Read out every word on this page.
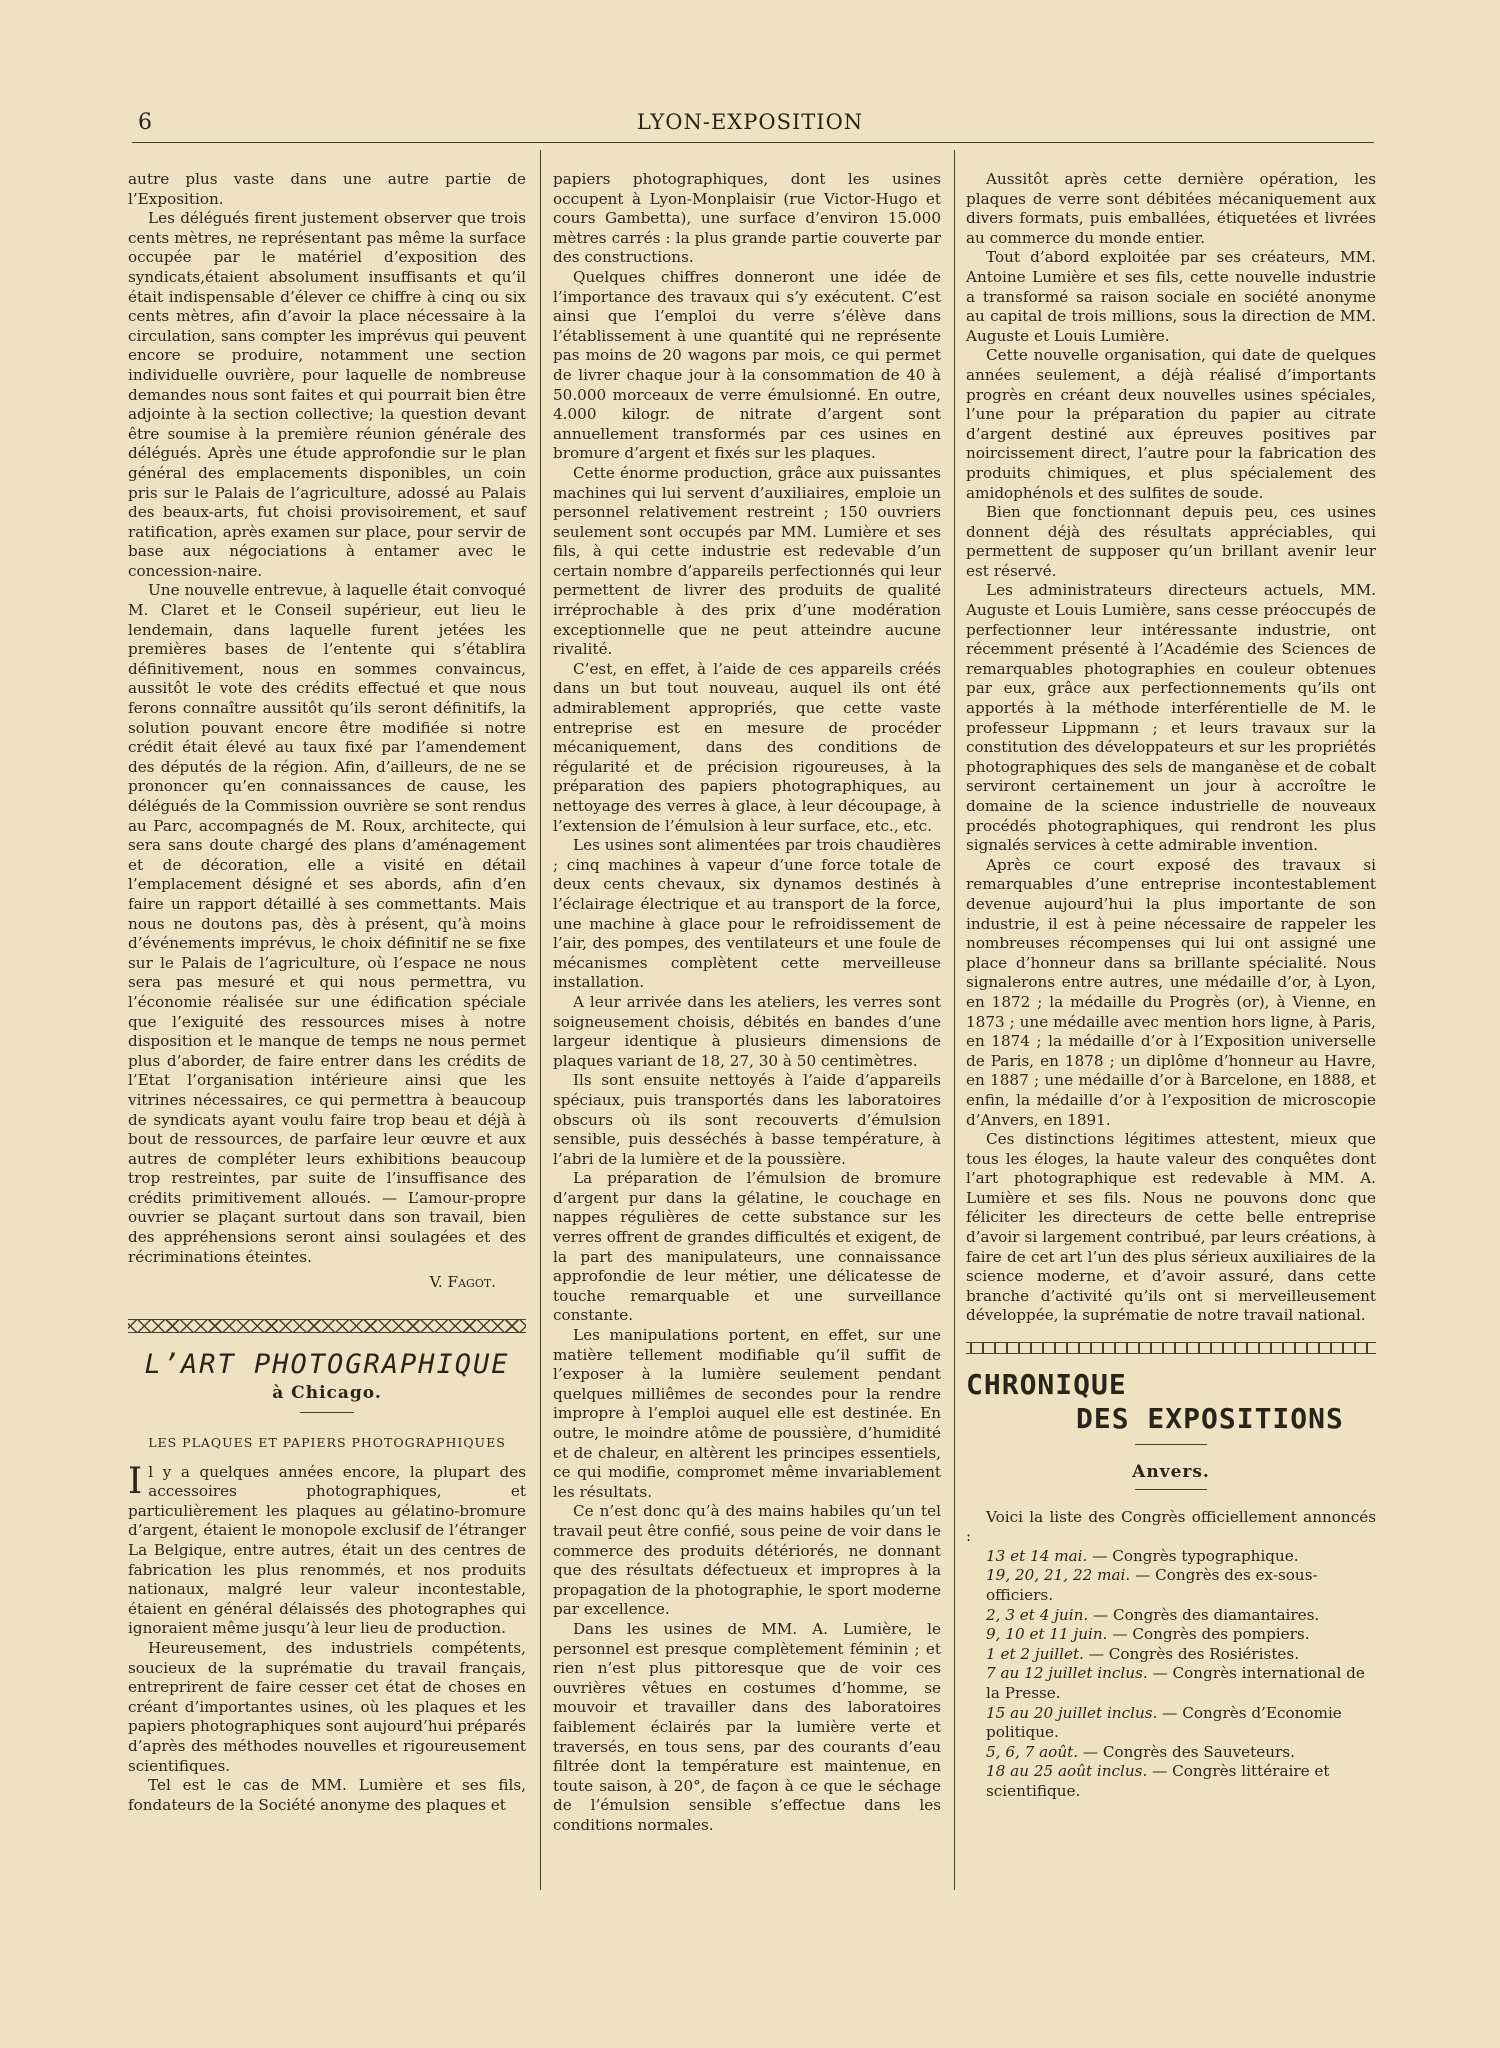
6	LYON-EXPOSITION

autre plus vaste dans une autre partie de l’Exposition.

Les délégués firent justement observer que trois cents mètres, ne représentant pas même la surface occupée par le matériel d’exposition des syndicats,étaient absolument insuffisants et qu’il était indispensable d’élever ce chiffre à cinq ou six cents mètres, afin d’avoir la place nécessaire à la circulation, sans compter les imprévus qui peuvent encore se produire, notamment une section individuelle ouvrière, pour laquelle de nombreuse demandes nous sont faites et qui pourrait bien être adjointe à la section collective; la question devant être soumise à la première réunion générale des délégués. Après une étude approfondie sur le plan général des emplacements disponibles, un coin pris sur le Palais de l’agriculture, adossé au Palais des beaux-arts, fut choisi provisoirement, et sauf ratification, après examen sur place, pour servir de base aux négociations à entamer avec le concession-naire.

Une nouvelle entrevue, à laquelle était convoqué M. Claret et le Conseil supérieur, eut lieu le lendemain, dans laquelle furent jetées les premières bases de l’entente qui s’établira définitivement, nous en sommes convaincus, aussitôt le vote des crédits effectué et que nous ferons connaître aussitôt qu’ils seront définitifs, la solution pouvant encore être modifiée si notre crédit était élevé au taux fixé par l’amendement des députés de la région. Afin, d’ailleurs, de ne se prononcer qu’en connaissances de cause, les délégués de la Commission ouvrière se sont rendus au Parc, accompagnés de M. Roux, architecte, qui sera sans doute chargé des plans d’aménagement et de décoration, elle a visité en détail l’emplacement désigné et ses abords, afin d’en faire un rapport détaillé à ses commettants. Mais nous ne doutons pas, dès à présent, qu’à moins d’événements imprévus, le choix définitif ne se fixe sur le Palais de l’agriculture, où l’espace ne nous sera pas mesuré et qui nous permettra, vu l’économie réalisée sur une édification spéciale que l’exiguité des ressources mises à notre disposition et le manque de temps ne nous permet plus d’aborder, de faire entrer dans les crédits de l’Etat l’organisation intérieure ainsi que les vitrines nécessaires, ce qui permettra à beaucoup de syndicats ayant voulu faire trop beau et déjà à bout de ressources, de parfaire leur œuvre et aux autres de compléter leurs exhibitions beaucoup trop restreintes, par suite de l’insuffisance des crédits primitivement alloués. — L’amour-propre ouvrier se plaçant surtout dans son travail, bien des appréhensions seront ainsi soulagées et des récriminations éteintes.

V. Fagot.
L’ART PHOTOGRAPHIQUE
à Chicago.
LES PLAQUES ET PAPIERS PHOTOGRAPHIQUES

Il y a quelques années encore, la plupart des accessoires photographiques, et particulièrement les plaques au gélatino-bromure d’argent, étaient le monopole exclusif de l’étranger La Belgique, entre autres, était un des centres de fabrication les plus renommés, et nos produits nationaux, malgré leur valeur incontestable, étaient en général délaissés des photographes qui ignoraient même jusqu’à leur lieu de production.

Heureusement, des industriels compétents, soucieux de la suprématie du travail français, entreprirent de faire cesser cet état de choses en créant d’importantes usines, où les plaques et les papiers photographiques sont aujourd’hui préparés d’après des méthodes nouvelles et rigoureusement scientifiques.

Tel est le cas de MM. Lumière et ses fils, fondateurs de la Société anonyme des plaques et

papiers photographiques, dont les usines occupent à Lyon-Monplaisir (rue Victor-Hugo et cours Gambetta), une surface d’environ 15.000 mètres carrés : la plus grande partie couverte par des constructions.

Quelques chiffres donneront une idée de l’importance des travaux qui s’y exécutent. C’est ainsi que l’emploi du verre s’élève dans l’établissement à une quantité qui ne représente pas moins de 20 wagons par mois, ce qui permet de livrer chaque jour à la consommation de 40 à 50.000 morceaux de verre émulsionné. En outre, 4.000 kilogr. de nitrate d’argent sont annuellement transformés par ces usines en bromure d’argent et fixés sur les plaques.

Cette énorme production, grâce aux puissantes machines qui lui servent d’auxiliaires, emploie un personnel relativement restreint ; 150 ouvriers seulement sont occupés par MM. Lumière et ses fils, à qui cette industrie est redevable d’un certain nombre d’appareils perfectionnés qui leur permettent de livrer des produits de qualité irréprochable à des prix d’une modération exceptionnelle que ne peut atteindre aucune rivalité.

C’est, en effet, à l’aide de ces appareils créés dans un but tout nouveau, auquel ils ont été admirablement appropriés, que cette vaste entreprise est en mesure de procéder mécaniquement, dans des conditions de régularité et de précision rigoureuses, à la préparation des papiers photographiques, au nettoyage des verres à glace, à leur découpage, à l’extension de l’émulsion à leur surface, etc., etc.

Les usines sont alimentées par trois chaudières ; cinq machines à vapeur d’une force totale de deux cents chevaux, six dynamos destinés à l’éclairage électrique et au transport de la force, une machine à glace pour le refroidissement de l’air, des pompes, des ventilateurs et une foule de mécanismes complètent cette merveilleuse installation.

A leur arrivée dans les ateliers, les verres sont soigneusement choisis, débités en bandes d’une largeur identique à plusieurs dimensions de plaques variant de 18, 27, 30 à 50 centimètres.

Ils sont ensuite nettoyés à l’aide d’appareils spéciaux, puis transportés dans les laboratoires obscurs où ils sont recouverts d’émulsion sensible, puis desséchés à basse température, à l’abri de la lumière et de la poussière.

La préparation de l’émulsion de bromure d’argent pur dans la gélatine, le couchage en nappes régulières de cette substance sur les verres offrent de grandes difficultés et exigent, de la part des manipulateurs, une connaissance approfondie de leur métier, une délicatesse de touche remarquable et une surveillance constante.

Les manipulations portent, en effet, sur une matière tellement modifiable qu’il suffit de l’exposer à la lumière seulement pendant quelques milliêmes de secondes pour la rendre impropre à l’emploi auquel elle est destinée. En outre, le moindre atôme de poussière, d’humidité et de chaleur, en altèrent les principes essentiels, ce qui modifie, compromet même invariablement les résultats.

Ce n’est donc qu’à des mains habiles qu’un tel travail peut être confié, sous peine de voir dans le commerce des produits détériorés, ne donnant que des résultats défectueux et impropres à la propagation de la photographie, le sport moderne par excellence.

Dans les usines de MM. A. Lumière, le personnel est presque complètement féminin ; et rien n’est plus pittoresque que de voir ces ouvrières vêtues en costumes d’homme, se mouvoir et travailler dans des laboratoires faiblement éclairés par la lumière verte et traversés, en tous sens, par des courants d’eau filtrée dont la température est maintenue, en toute saison, à 20°, de façon à ce que le séchage de l’émulsion sensible s’effectue dans les conditions normales.

Aussitôt après cette dernière opération, les plaques de verre sont débitées mécaniquement aux divers formats, puis emballées, étiquetées et livrées au commerce du monde entier.

Tout d’abord exploitée par ses créateurs, MM. Antoine Lumière et ses fils, cette nouvelle industrie a transformé sa raison sociale en société anonyme au capital de trois millions, sous la direction de MM. Auguste et Louis Lumière.

Cette nouvelle organisation, qui date de quelques années seulement, a déjà réalisé d’importants progrès en créant deux nouvelles usines spéciales, l’une pour la préparation du papier au citrate d’argent destiné aux épreuves positives par noircissement direct, l’autre pour la fabrication des produits chimiques, et plus spécialement des amidophénols et des sulfites de soude.

Bien que fonctionnant depuis peu, ces usines donnent déjà des résultats appréciables, qui permettent de supposer qu’un brillant avenir leur est réservé.

Les administrateurs directeurs actuels, MM. Auguste et Louis Lumière, sans cesse préoccupés de perfectionner leur intéressante industrie, ont récemment présenté à l’Académie des Sciences de remarquables photographies en couleur obtenues par eux, grâce aux perfectionnements qu’ils ont apportés à la méthode interférentielle de M. le professeur Lippmann ; et leurs travaux sur la constitution des développateurs et sur les propriétés photographiques des sels de manganèse et de cobalt serviront certainement un jour à accroître le domaine de la science industrielle de nouveaux procédés photographiques, qui rendront les plus signalés services à cette admirable invention.

Après ce court exposé des travaux si remarquables d’une entreprise incontestablement devenue aujourd’hui la plus importante de son industrie, il est à peine nécessaire de rappeler les nombreuses récompenses qui lui ont assigné une place d’honneur dans sa brillante spécialité. Nous signalerons entre autres, une médaille d’or, à Lyon, en 1872 ; la médaille du Progrès (or), à Vienne, en 1873 ; une médaille avec mention hors ligne, à Paris, en 1874 ; la médaille d’or à l’Exposition universelle de Paris, en 1878 ; un diplôme d’honneur au Havre, en 1887 ; une médaille d’or à Barcelone, en 1888, et enfin, la médaille d’or à l’exposition de microscopie d’Anvers, en 1891.

Ces distinctions légitimes attestent, mieux que tous les éloges, la haute valeur des conquêtes dont l’art photographique est redevable à MM. A. Lumière et ses fils. Nous ne pouvons donc que féliciter les directeurs de cette belle entreprise d’avoir si largement contribué, par leurs créations, à faire de cet art l’un des plus sérieux auxiliaires de la science moderne, et d’avoir assuré, dans cette branche d’activité qu’ils ont si merveilleusement développée, la suprématie de notre travail national.

CHRONIQUE
DES EXPOSITIONS
Anvers.

Voici la liste des Congrès officiellement annoncés :

13 et 14 mai. — Congrès typographique.
19, 20, 21, 22 mai. — Congrès des ex-sous-officiers.
2, 3 et 4 juin. — Congrès des diamantaires.
9, 10 et 11 juin. — Congrès des pompiers.
1 et 2 juillet. — Congrès des Rosiéristes.
7 au 12 juillet inclus. — Congrès international de la Presse.
15 au 20 juillet inclus. — Congrès d’Economie politique.
5, 6, 7 août. — Congrès des Sauveteurs.
18 au 25 août inclus. — Congrès littéraire et scientifique.
